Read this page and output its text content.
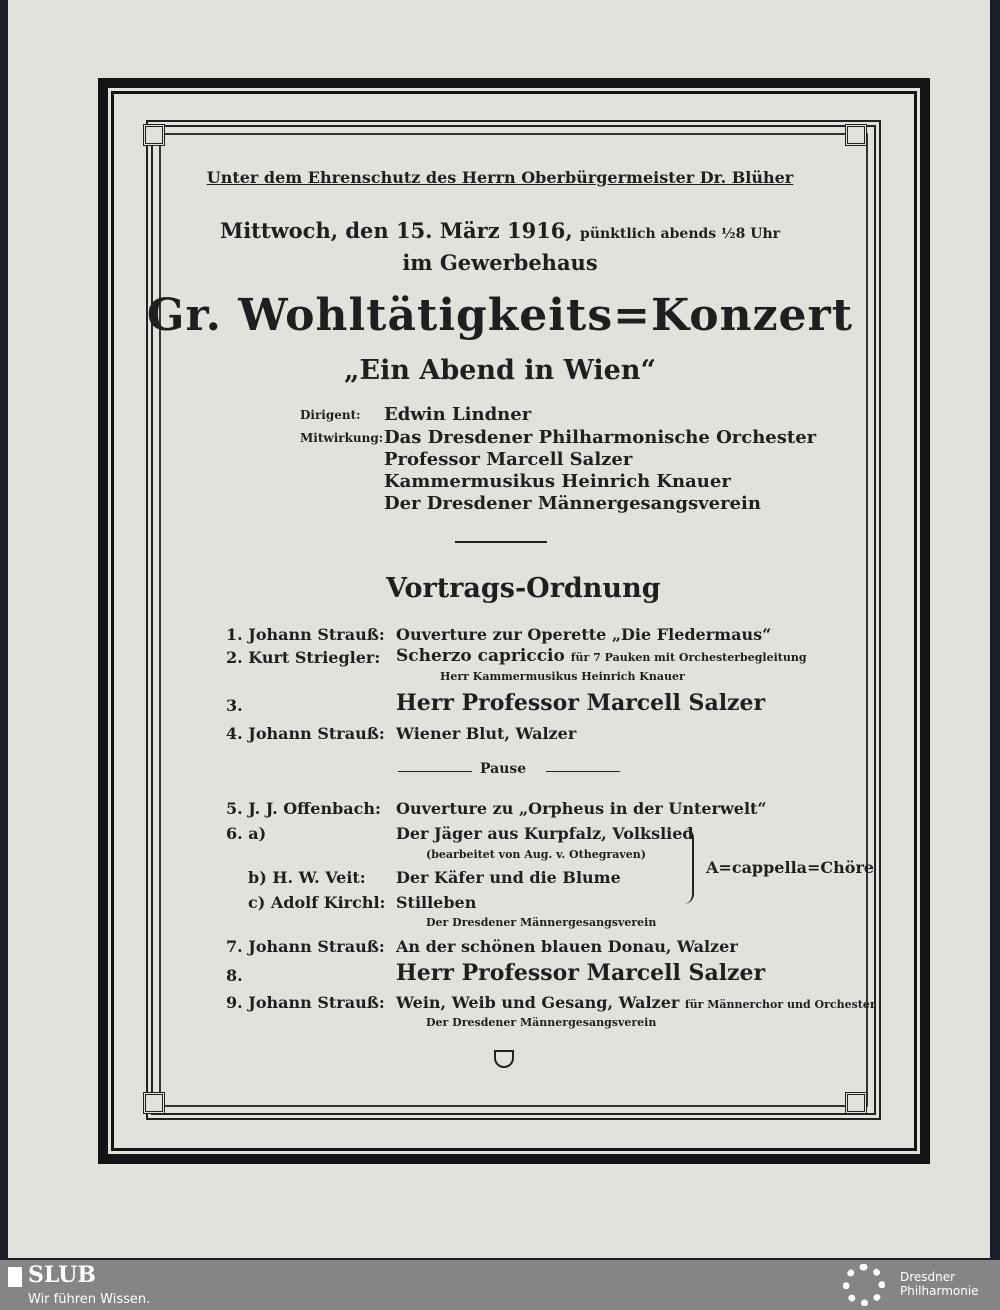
Unter dem Ehrenschutz des Herrn Oberbürgermeister Dr. Blüher
Mittwoch, den 15. März 1916, pünktlich abends ½8 Uhr
im Gewerbehaus
Gr. Wohltätigkeits=Konzert
„Ein Abend in Wien“
Dirigent: Edwin Lindner
Mitwirkung: Das Dresdener Philharmonische Orchester
Professor Marcell Salzer
Kammermusikus Heinrich Knauer
Der Dresdener Männergesangsverein
Vortrags-Ordnung
1. Johann Strauß: Ouverture zur Operette „Die Fledermaus“
2. Kurt Striegler: Scherzo capriccio für 7 Pauken mit Orchesterbegleitung
Herr Kammermusikus Heinrich Knauer
3.	Herr Professor Marcell Salzer
4. Johann Strauß: Wiener Blut, Walzer
Pause
5. J. J. Offenbach: Ouverture zu „Orpheus in der Unterwelt“
6. a)	Der Jäger aus Kurpfalz, Volkslied
(bearbeitet von Aug. v. Othegraven)
b) H. W. Veit: Der Käfer und die Blume
c) Adolf Kirchl: Stilleben
Der Dresdener Männergesangsverein
A=cappella=Chöre
7. Johann Strauß: An der schönen blauen Donau, Walzer
8.	Herr Professor Marcell Salzer
9. Johann Strauß: Wein, Weib und Gesang, Walzer für Männerchor und Orchester
Der Dresdener Männergesangsverein
SLUB
Wir führen Wissen.
Dresdner
Philharmonie
